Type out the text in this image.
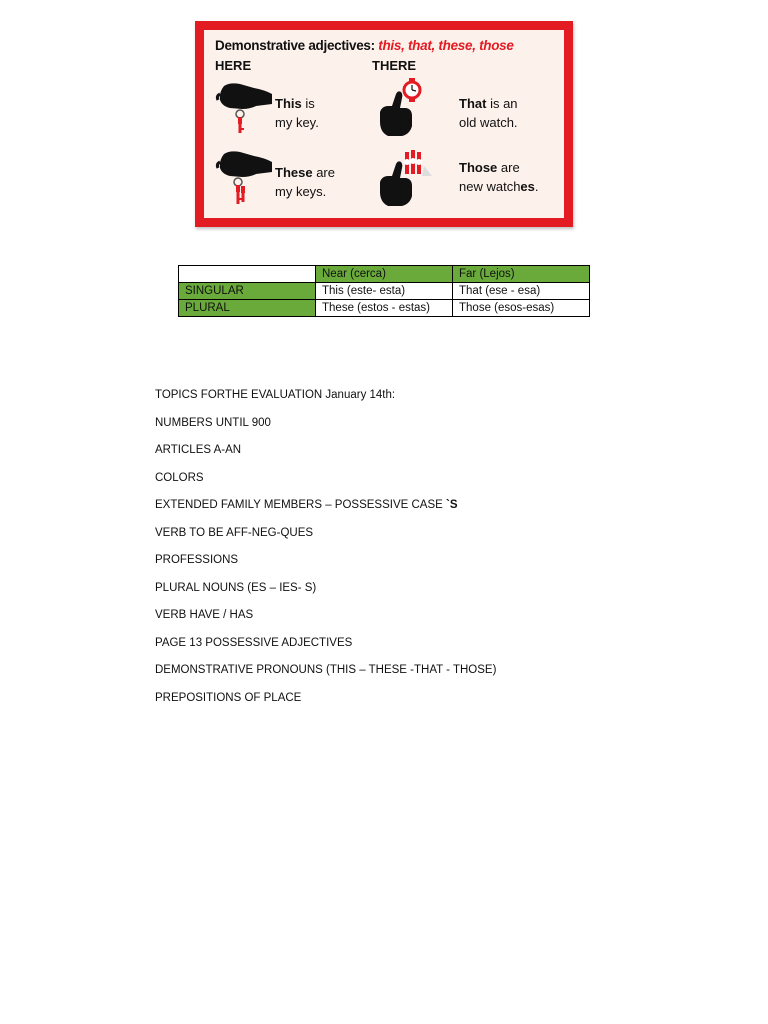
Demonstrative adjectives: this, that, these, those
HERE	THERE
This is
my key.
These are
my keys.
That is an
old watch.
Those are
new watches.
	Near (cerca)	Far (Lejos)
SINGULAR	This (este- esta)	That (ese - esa)
PLURAL	These (estos - estas)	Those (esos-esas)

TOPICS FORTHE EVALUATION January 14th:

NUMBERS UNTIL 900

ARTICLES A-AN

COLORS

EXTENDED FAMILY MEMBERS – POSSESSIVE CASE `S

VERB TO BE AFF-NEG-QUES

PROFESSIONS

PLURAL NOUNS (ES – IES- S)

VERB HAVE / HAS

PAGE 13 POSSESSIVE ADJECTIVES

DEMONSTRATIVE PRONOUNS (THIS – THESE -THAT - THOSE)

PREPOSITIONS OF PLACE
